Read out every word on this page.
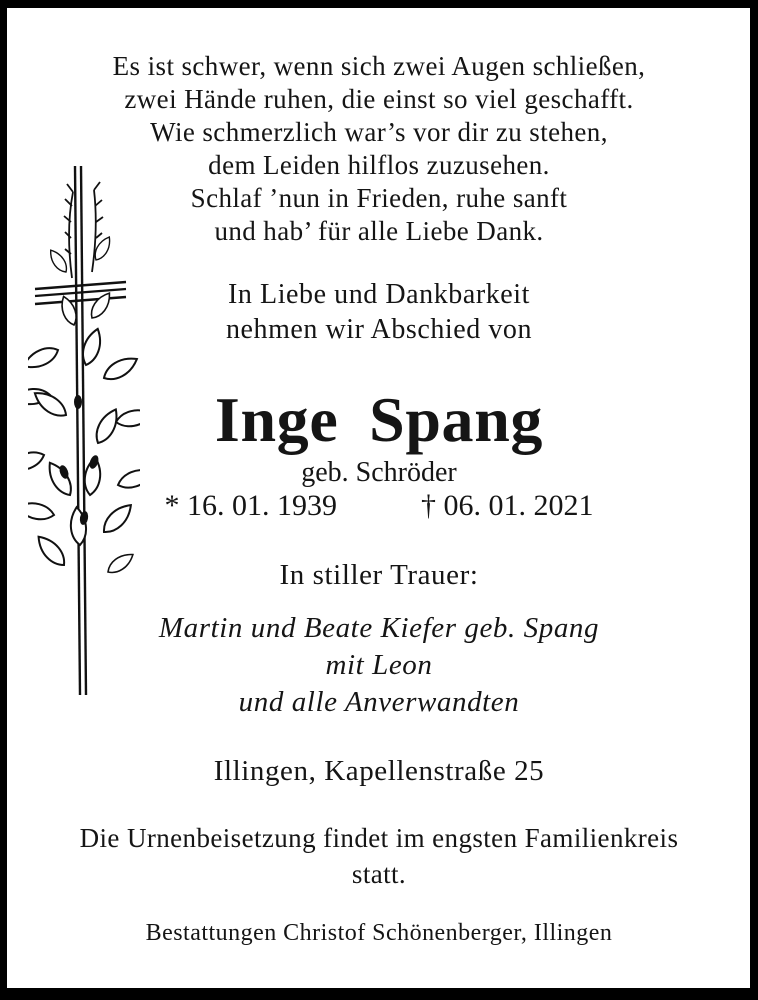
Es ist schwer, wenn sich zwei Augen schließen,
zwei Hände ruhen, die einst so viel geschafft.
Wie schmerzlich war’s vor dir zu stehen,
dem Leiden hilflos zuzusehen.
Schlaf ’nun in Frieden, ruhe sanft
und hab’ für alle Liebe Dank.
In Liebe und Dankbarkeit
nehmen wir Abschied von
Inge Spang
geb. Schröder
* 16. 01. 1939	† 06. 01. 2021
In stiller Trauer:
Martin und Beate Kiefer geb. Spang
mit Leon
und alle Anverwandten
Illingen, Kapellenstraße 25
Die Urnenbeisetzung findet im engsten Familienkreis
statt.
Bestattungen Christof Schönenberger, Illingen
